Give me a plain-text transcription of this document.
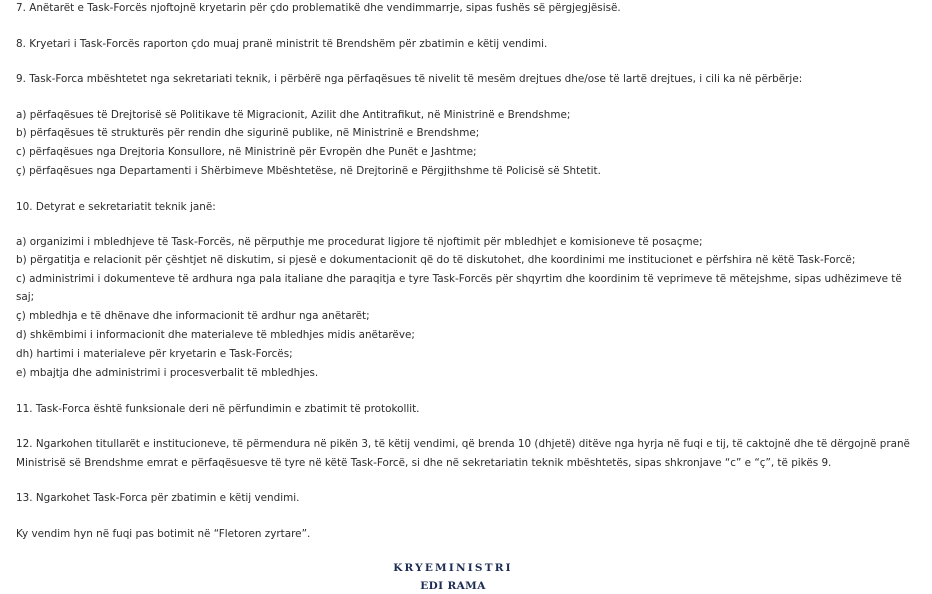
7. Anëtarët e Task-Forcës njoftojnë kryetarin për çdo problematikë dhe vendimmarrje, sipas fushës së përgjegjësisë.
8. Kryetari i Task-Forcës raporton çdo muaj pranë ministrit të Brendshëm për zbatimin e këtij vendimi.
9. Task-Forca mbështetet nga sekretariati teknik, i përbërë nga përfaqësues të nivelit të mesëm drejtues dhe/ose të lartë drejtues, i cili ka në përbërje:
a) përfaqësues të Drejtorisë së Politikave të Migracionit, Azilit dhe Antitrafikut, në Ministrinë e Brendshme;
b) përfaqësues të strukturës për rendin dhe sigurinë publike, në Ministrinë e Brendshme;
c) përfaqësues nga Drejtoria Konsullore, në Ministrinë për Evropën dhe Punët e Jashtme;
ç) përfaqësues nga Departamenti i Shërbimeve Mbështetëse, në Drejtorinë e Përgjithshme të Policisë së Shtetit.
10. Detyrat e sekretariatit teknik janë:
a) organizimi i mbledhjeve të Task-Forcës, në përputhje me procedurat ligjore të njoftimit për mbledhjet e komisioneve të posaçme;
b) përgatitja e relacionit për çështjet në diskutim, si pjesë e dokumentacionit që do të diskutohet, dhe koordinimi me institucionet e përfshira në këtë Task-Forcë;
c) administrimi i dokumenteve të ardhura nga pala italiane dhe paraqitja e tyre Task-Forcës për shqyrtim dhe koordinim të veprimeve të mëtejshme, sipas udhëzimeve të
saj;
ç) mbledhja e të dhënave dhe informacionit të ardhur nga anëtarët;
d) shkëmbimi i informacionit dhe materialeve të mbledhjes midis anëtarëve;
dh) hartimi i materialeve për kryetarin e Task-Forcës;
e) mbajtja dhe administrimi i procesverbalit të mbledhjes.
11. Task-Forca është funksionale deri në përfundimin e zbatimit të protokollit.
12. Ngarkohen titullarët e institucioneve, të përmendura në pikën 3, të këtij vendimi, që brenda 10 (dhjetë) ditëve nga hyrja në fuqi e tij, të caktojnë dhe të dërgojnë pranë
Ministrisë së Brendshme emrat e përfaqësuesve të tyre në këtë Task-Forcë, si dhe në sekretariatin teknik mbështetës, sipas shkronjave “c” e “ç”, të pikës 9.
13. Ngarkohet Task-Forca për zbatimin e këtij vendimi.
Ky vendim hyn në fuqi pas botimit në “Fletoren zyrtare”.
KRYEMINISTRI
EDI RAMA
